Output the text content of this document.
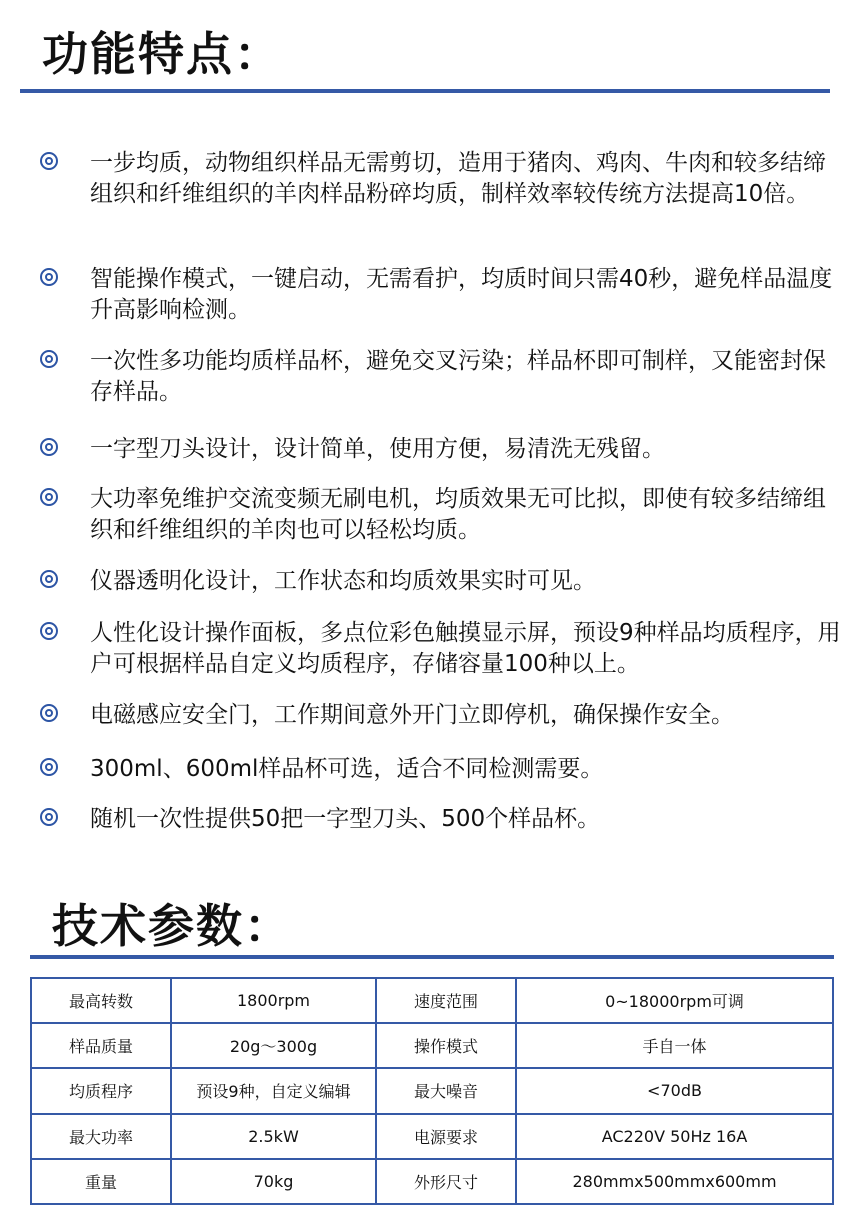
功能特点：
一步均质，动物组织样品无需剪切，造用于猪肉、鸡肉、牛肉和较多结缔组织和纤维组织的羊肉样品粉碎均质，制样效率较传统方法提高10倍。
智能操作模式，一键启动，无需看护，均质时间只需40秒，避免样品温度升高影响检测。
一次性多功能均质样品杯，避免交叉污染；样品杯即可制样，又能密封保存样品。
一字型刀头设计，设计简单，使用方便，易清洗无残留。
大功率免维护交流变频无刷电机，均质效果无可比拟，即使有较多结缔组织和纤维组织的羊肉也可以轻松均质。
仪器透明化设计，工作状态和均质效果实时可见。
人性化设计操作面板，多点位彩色触摸显示屏，预设9种样品均质程序，用户可根据样品自定义均质程序，存储容量100种以上。
电磁感应安全门，工作期间意外开门立即停机，确保操作安全。
300ml、600ml样品杯可选，适合不同检测需要。
随机一次性提供50把一字型刀头、500个样品杯。
技术参数：
最高转数	1800rpm	速度范围	0~18000rpm可调
样品质量	20g～300g	操作模式	手自一体
均质程序	预设9种，自定义编辑	最大噪音	<70dB
最大功率	2.5kW	电源要求	AC220V 50Hz 16A
重量	70kg	外形尺寸	280mmx500mmx600mm
